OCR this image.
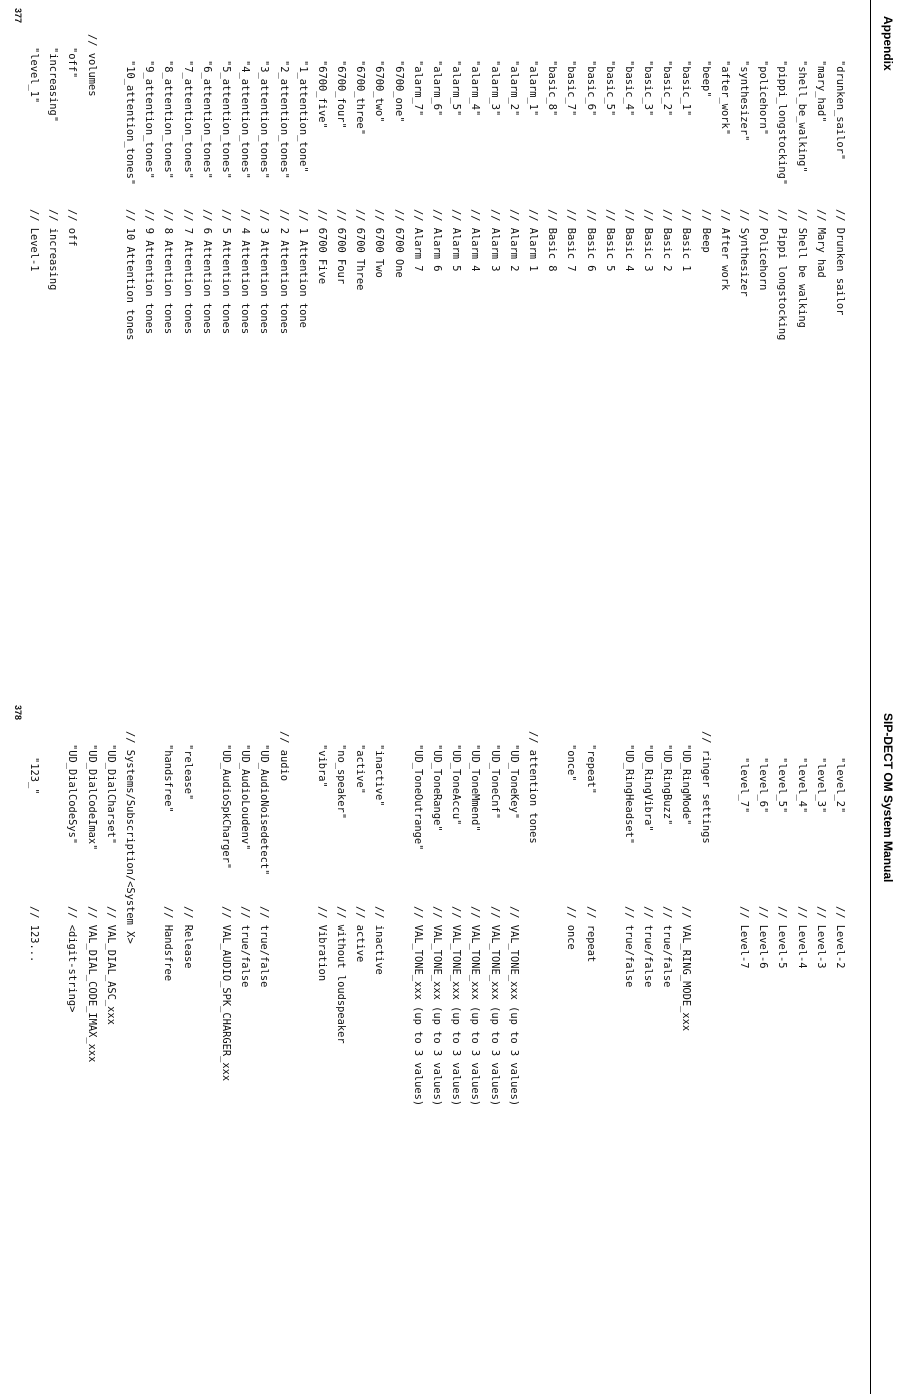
Appendix
"drunken_sailor"
// Drunken sailor
"mary_had"
// Mary had
"shell_be_walking"
// Shell be walking
"pippi_longstocking"
// Pippi longstocking
"policehorn"
// Policehorn
"synthesizer"
// Synthesizer
"after_work"
// After work
"beep"
// Beep
"basic_1"
// Basic 1
"basic_2"
// Basic 2
"basic_3"
// Basic 3
"basic_4"
// Basic 4
"basic_5"
// Basic 5
"basic_6"
// Basic 6
"basic_7"
// Basic 7
"basic_8"
// Basic 8
"alarm_1"
// Alarm 1
"alarm_2"
// Alarm 2
"alarm_3"
// Alarm 3
"alarm_4"
// Alarm 4
"alarm_5"
// Alarm 5
"alarm_6"
// Alarm 6
"alarm_7"
// Alarm 7
"6700_one"
// 6700 One
"6700_two"
// 6700 Two
"6700_three"
// 6700 Three
"6700_four"
// 6700 Four
"6700_five"
// 6700 Five
"1_attention_tone"
// 1 Attention tone
"2_attention_tones"
// 2 Attention tones
"3_attention_tones"
// 3 Attention tones
"4_attention_tones"
// 4 Attention tones
"5_attention_tones"
// 5 Attention tones
"6_attention_tones"
// 6 Attention tones
"7_attention_tones"
// 7 Attention tones
"8_attention_tones"
// 8 Attention tones
"9_attention_tones"
// 9 Attention tones
"10_attention_tones"
// 10 Attention tones
// volumes
"off"
// off
"increasing"
// increasing
"level_1"
// Level-1
377
SIP-DECT OM System Manual
"level_2"
// Level-2
"level_3"
// Level-3
"level_4"
// Level-4
"level_5"
// Level-5
"level_6"
// Level-6
"level_7"
// Level-7
// ringer settings
"UD_RingMode"
// VAL_RING_MODE_xxx
"UD_RingBuzz"
// true/false
"UD_RingVibra"
// true/false
"UD_RingHeadset"
// true/false
"repeat"
// repeat
"once"
// once
// attention tones
"UD_ToneKey"
// VAL_TONE_xxx (up to 3 values)
"UD_ToneCnf"
// VAL_TONE_xxx (up to 3 values)
"UD_ToneMmend"
// VAL_TONE_xxx (up to 3 values)
"UD_ToneAccu"
// VAL_TONE_xxx (up to 3 values)
"UD_ToneRange"
// VAL_TONE_xxx (up to 3 values)
"UD_ToneOutrange"
// VAL_TONE_xxx (up to 3 values)
"inactive"
// inactive
"active"
// active
"no_speaker"
// without loudspeaker
"vibra"
// Vibration
// audio
"UD_AudioNoisedetect"
// true/false
"UD_AudioLoudenv"
// true/false
"UD_AudioSpkCharger"
// VAL_AUDIO_SPK_CHARGER_xxx
"release"
// Release
"handsfree"
// Handsfree
// Systems/Subscription/<System X>
"UD_DialCharset"
// VAL_DIAL_ASC_xxx
"UD_DialCodeImax"
// VAL_DIAL_CODE_IMAX_xxx
"UD_DialCodeSys"
// <digit-string>
"123_"
// 123...
378
